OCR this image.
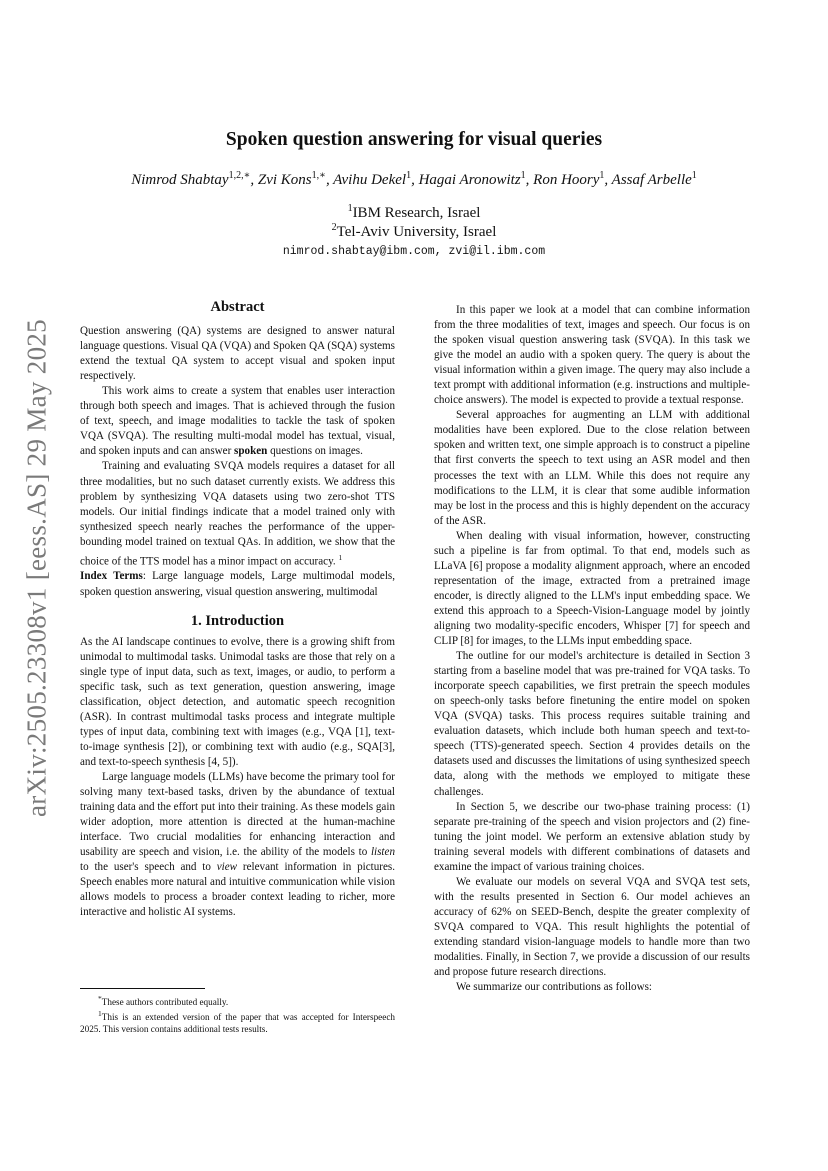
arXiv:2505.23308v1 [eess.AS] 29 May 2025
Spoken question answering for visual queries
Nimrod Shabtay$^{1,2,∗}$, Zvi Kons$^{1,∗}$, Avihu Dekel$^1$, Hagai Aronowitz$^1$, Ron Hoory$^1$, Assaf Arbelle$^1$
$^1$IBM Research, Israel
$^2$Tel-Aviv University, Israel
nimrod.shabtay@ibm.com, zvi@il.ibm.com
Abstract

Question answering (QA) systems are designed to answer natural language questions. Visual QA (VQA) and Spoken QA (SQA) systems extend the textual QA system to accept visual and spoken input respectively.

This work aims to create a system that enables user interaction through both speech and images. That is achieved through the fusion of text, speech, and image modalities to tackle the task of spoken VQA (SVQA). The resulting multi-modal model has textual, visual, and spoken inputs and can answer spoken questions on images.

Training and evaluating SVQA models requires a dataset for all three modalities, but no such dataset currently exists. We address this problem by synthesizing VQA datasets using two zero-shot TTS models. Our initial findings indicate that a model trained only with synthesized speech nearly reaches the performance of the upper-bounding model trained on textual QAs. In addition, we show that the choice of the TTS model has a minor impact on accuracy. $^1$

Index Terms: Large language models, Large multimodal models, spoken question answering, visual question answering, multimodal

1. Introduction

As the AI landscape continues to evolve, there is a growing shift from unimodal to multimodal tasks. Unimodal tasks are those that rely on a single type of input data, such as text, images, or audio, to perform a specific task, such as text generation, question answering, image classification, object detection, and automatic speech recognition (ASR). In contrast multimodal tasks process and integrate multiple types of input data, combining text with images (e.g., VQA [1], text-to-image synthesis [2]), or combining text with audio (e.g., SQA[3], and text-to-speech synthesis [4, 5]).

Large language models (LLMs) have become the primary tool for solving many text-based tasks, driven by the abundance of textual training data and the effort put into their training. As these models gain wider adoption, more attention is directed at the human-machine interface. Two crucial modalities for enhancing interaction and usability are speech and vision, i.e. the ability of the models to listen to the user's speech and to view relevant information in pictures. Speech enables more natural and intuitive communication while vision allows models to process a broader context leading to richer, more interactive and holistic AI systems.

*These authors contributed equally.

$^1$This is an extended version of the paper that was accepted for Interspeech 2025. This version contains additional tests results.

In this paper we look at a model that can combine information from the three modalities of text, images and speech. Our focus is on the spoken visual question answering task (SVQA). In this task we give the model an audio with a spoken query. The query is about the visual information within a given image. The query may also include a text prompt with additional information (e.g. instructions and multiple-choice answers). The model is expected to provide a textual response.

Several approaches for augmenting an LLM with additional modalities have been explored. Due to the close relation between spoken and written text, one simple approach is to construct a pipeline that first converts the speech to text using an ASR model and then processes the text with an LLM. While this does not require any modifications to the LLM, it is clear that some audible information may be lost in the process and this is highly dependent on the accuracy of the ASR.

When dealing with visual information, however, constructing such a pipeline is far from optimal. To that end, models such as LLaVA [6] propose a modality alignment approach, where an encoded representation of the image, extracted from a pretrained image encoder, is directly aligned to the LLM's input embedding space. We extend this approach to a Speech-Vision-Language model by jointly aligning two modality-specific encoders, Whisper [7] for speech and CLIP [8] for images, to the LLMs input embedding space.

The outline for our model's architecture is detailed in Section 3 starting from a baseline model that was pre-trained for VQA tasks. To incorporate speech capabilities, we first pretrain the speech modules on speech-only tasks before finetuning the entire model on spoken VQA (SVQA) tasks. This process requires suitable training and evaluation datasets, which include both human speech and text-to-speech (TTS)-generated speech. Section 4 provides details on the datasets used and discusses the limitations of using synthesized speech data, along with the methods we employed to mitigate these challenges.

In Section 5, we describe our two-phase training process: (1) separate pre-training of the speech and vision projectors and (2) fine-tuning the joint model. We perform an extensive ablation study by training several models with different combinations of datasets and examine the impact of various training choices.

We evaluate our models on several VQA and SVQA test sets, with the results presented in Section 6. Our model achieves an accuracy of 62% on SEED-Bench, despite the greater complexity of SVQA compared to VQA. This result highlights the potential of extending standard vision-language models to handle more than two modalities. Finally, in Section 7, we provide a discussion of our results and propose future research directions.

We summarize our contributions as follows:
